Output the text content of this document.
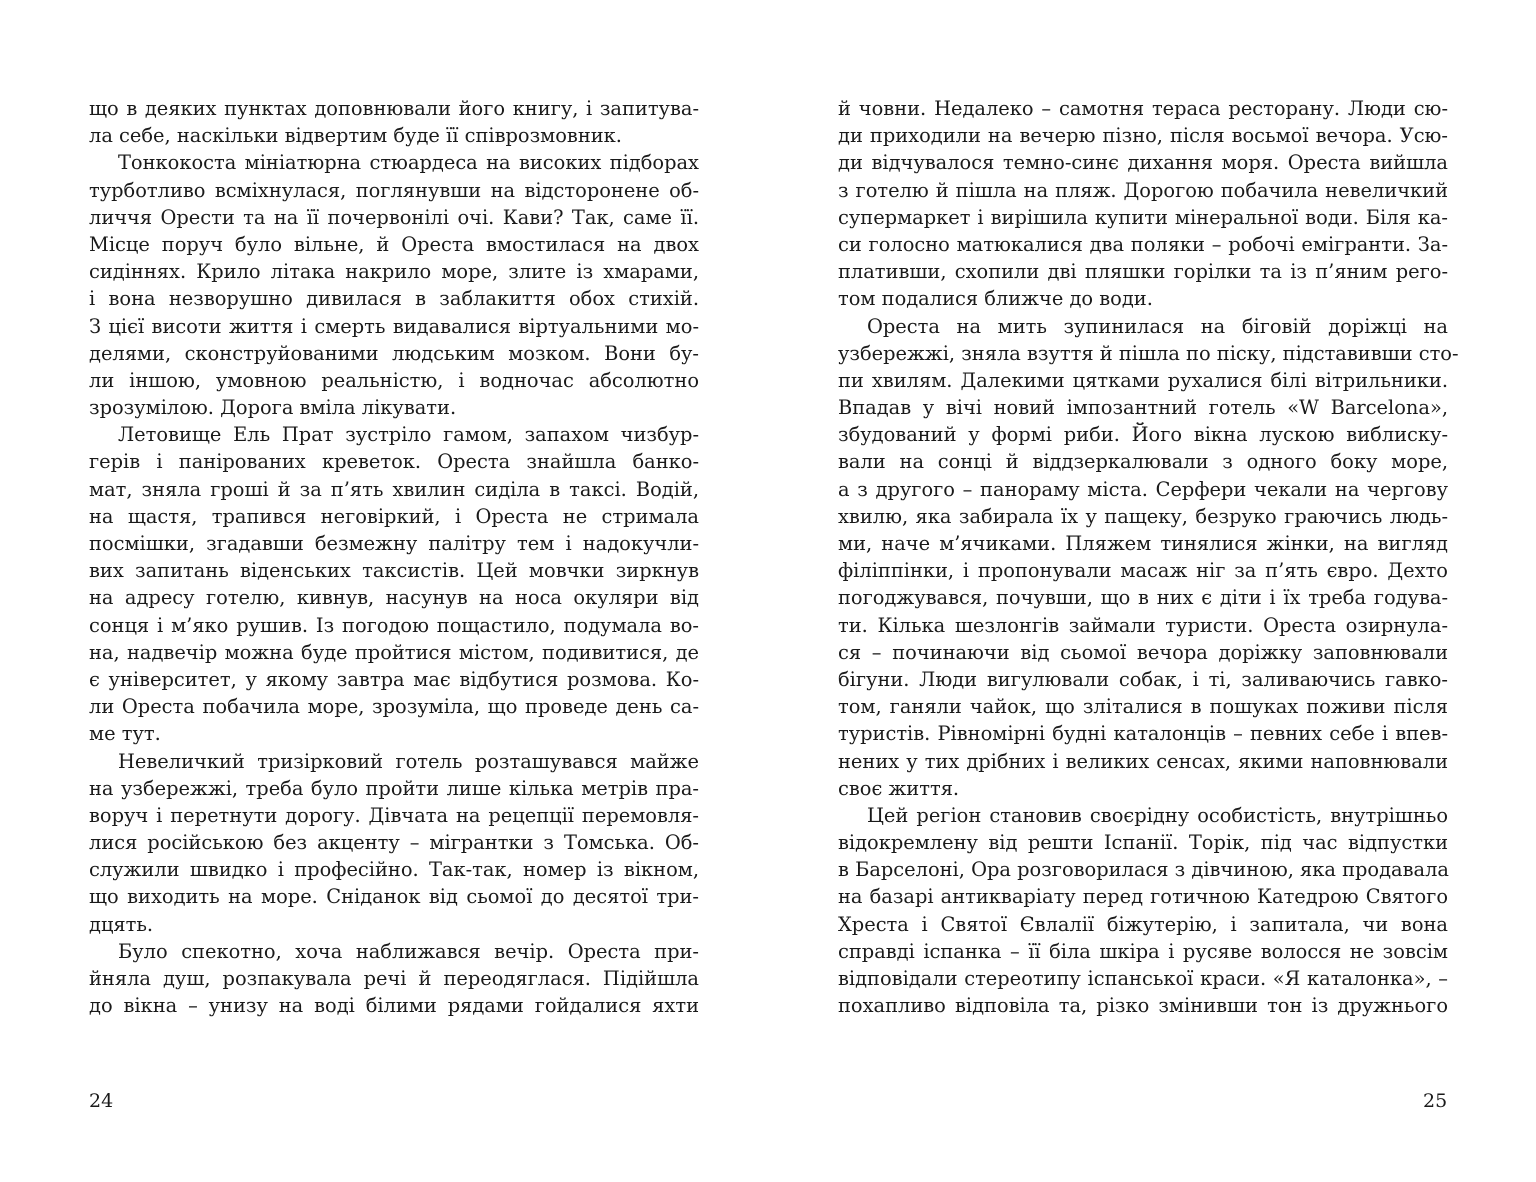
що в деяких пунктах доповнювали його книгу, і запитува-
ла себе, наскільки відвертим буде її співрозмовник.
Тонкокоста мініатюрна стюардеса на високих підборах
турботливо всміхнулася, поглянувши на відсторонене об-
личчя Орести та на її почервонілі очі. Кави? Так, саме її.
Місце поруч було вільне, й Ореста вмостилася на двох
сидіннях. Крило літака накрило море, злите із хмарами,
і вона незворушно дивилася в заблакиття обох стихій.
З цієї висоти життя і смерть видавалися віртуальними мо-
делями, сконструйованими людським мозком. Вони бу-
ли іншою, умовною реальністю, і водночас абсолютно
зрозумілою. Дорога вміла лікувати.
Летовище Ель Прат зустріло гамом, запахом чизбур-
герів і панірованих креветок. Ореста знайшла банко-
мат, зняла гроші й за п’ять хвилин сиділа в таксі. Водій,
на щастя, трапився неговіркий, і Ореста не стримала
посмішки, згадавши безмежну палітру тем і надокучли-
вих запитань віденських таксистів. Цей мовчки зиркнув
на адресу готелю, кивнув, насунув на носа окуляри від
сонця і м’яко рушив. Із погодою пощастило, подумала во-
на, надвечір можна буде пройтися містом, подивитися, де
є університет, у якому завтра має відбутися розмова. Ко-
ли Ореста побачила море, зрозуміла, що проведе день са-
ме тут.
Невеличкий тризірковий готель розташувався майже
на узбережжі, треба було пройти лише кілька метрів пра-
воруч і перетнути дорогу. Дівчата на рецепції перемовля-
лися російською без акценту – мігрантки з Томська. Об-
служили швидко і професійно. Так-так, номер із вікном,
що виходить на море. Сніданок від сьомої до десятої три-
дцять.
Було спекотно, хоча наближався вечір. Ореста при-
йняла душ, розпакувала речі й переодяглася. Підійшла
до вікна – унизу на воді білими рядами гойдалися яхти
24
й човни. Недалеко – самотня тераса ресторану. Люди сю-
ди приходили на вечерю пізно, після восьмої вечора. Усю-
ди відчувалося темно-синє дихання моря. Ореста вийшла
з готелю й пішла на пляж. Дорогою побачила невеличкий
супермаркет і вирішила купити мінеральної води. Біля ка-
си голосно матюкалися два поляки – робочі емігранти. За-
плативши, схопили дві пляшки горілки та із п’яним рего-
том подалися ближче до води.
Ореста на мить зупинилася на біговій доріжці на
узбережжі, зняла взуття й пішла по піску, підставивши сто-
пи хвилям. Далекими цятками рухалися білі вітрильники.
Впадав у вічі новий імпозантний готель «W Barcelona»,
збудований у формі риби. Його вікна лускою виблиску-
вали на сонці й віддзеркалювали з одного боку море,
а з другого – панораму міста. Серфери чекали на чергову
хвилю, яка забирала їх у пащеку, безруко граючись людь-
ми, наче м’ячиками. Пляжем тинялися жінки, на вигляд
філіппінки, і пропонували масаж ніг за п’ять євро. Дехто
погоджувався, почувши, що в них є діти і їх треба годува-
ти. Кілька шезлонгів займали туристи. Ореста озирнула-
ся – починаючи від сьомої вечора доріжку заповнювали
бігуни. Люди вигулювали собак, і ті, заливаючись гавко-
том, ганяли чайок, що зліталися в пошуках поживи після
туристів. Рівномірні будні каталонців – певних себе і впев-
нених у тих дрібних і великих сенсах, якими наповнювали
своє життя.
Цей регіон становив своєрідну особистість, внутрішньо
відокремлену від решти Іспанії. Торік, під час відпустки
в Барселоні, Ора розговорилася з дівчиною, яка продавала
на базарі антикваріату перед готичною Катедрою Святого
Хреста і Святої Євлалії біжутерію, і запитала, чи вона
справді іспанка – її біла шкіра і русяве волосся не зовсім
відповідали стереотипу іспанської краси. «Я каталонка», –
похапливо відповіла та, різко змінивши тон із дружнього
25
